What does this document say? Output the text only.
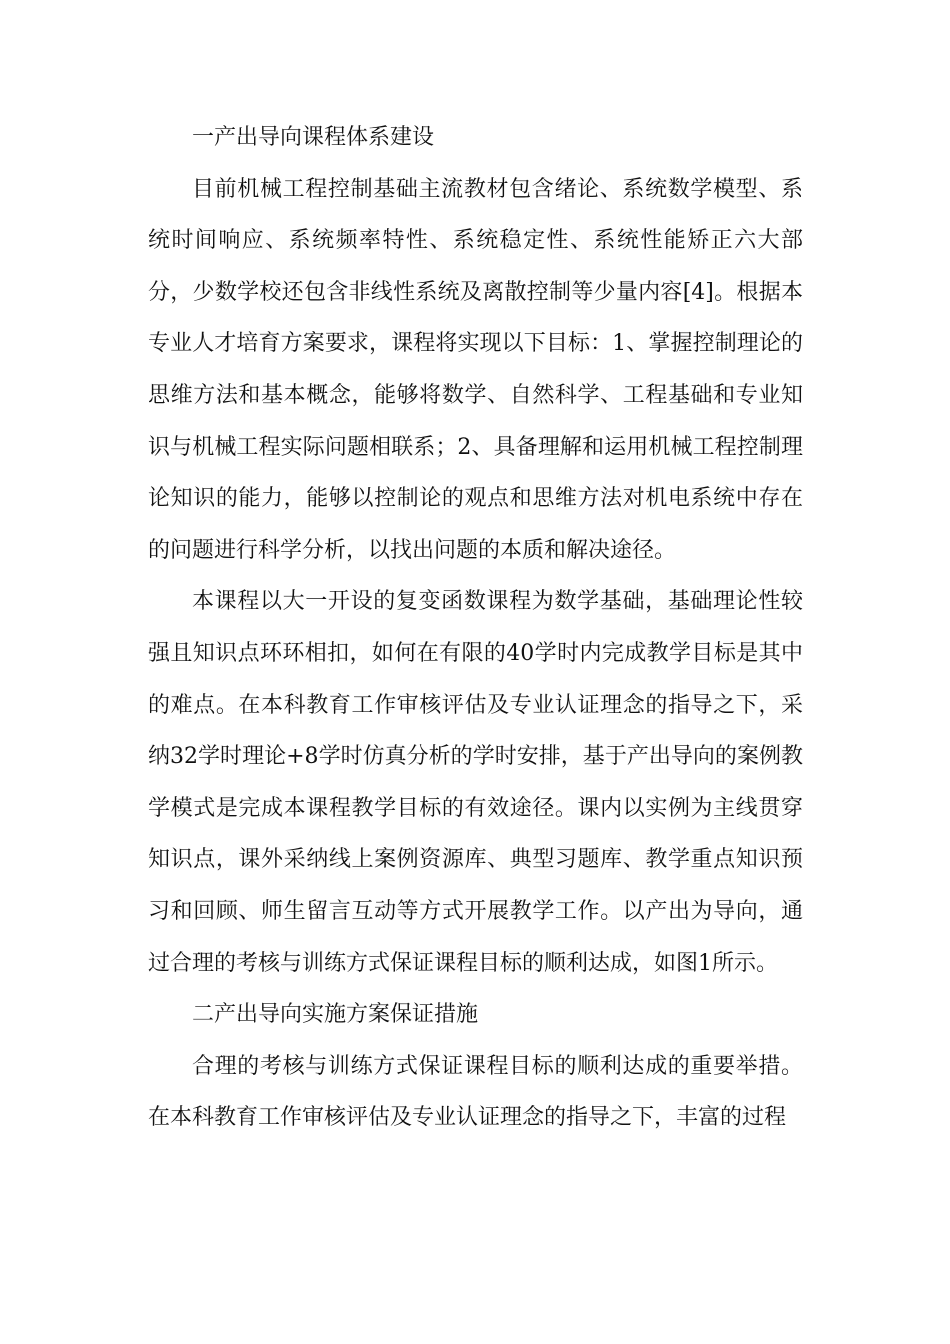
一产出导向课程体系建设

目前机械工程控制基础主流教材包含绪论、系统数学模型、系统时间响应、系统频率特性、系统稳定性、系统性能矫正六大部分，少数学校还包含非线性系统及离散控制等少量内容[4]。根据本专业人才培育方案要求，课程将实现以下目标：1、掌握控制理论的思维方法和基本概念，能够将数学、自然科学、工程基础和专业知识与机械工程实际问题相联系；2、具备理解和运用机械工程控制理论知识的能力，能够以控制论的观点和思维方法对机电系统中存在的问题进行科学分析，以找出问题的本质和解决途径。

本课程以大一开设的复变函数课程为数学基础，基础理论性较强且知识点环环相扣，如何在有限的40学时内完成教学目标是其中的难点。在本科教育工作审核评估及专业认证理念的指导之下，采纳32学时理论+8学时仿真分析的学时安排，基于产出导向的案例教学模式是完成本课程教学目标的有效途径。课内以实例为主线贯穿知识点，课外采纳线上案例资源库、典型习题库、教学重点知识预习和回顾、师生留言互动等方式开展教学工作。以产出为导向，通过合理的考核与训练方式保证课程目标的顺利达成，如图1所示。

二产出导向实施方案保证措施

合理的考核与训练方式保证课程目标的顺利达成的重要举措。在本科教育工作审核评估及专业认证理念的指导之下，丰富的过程
